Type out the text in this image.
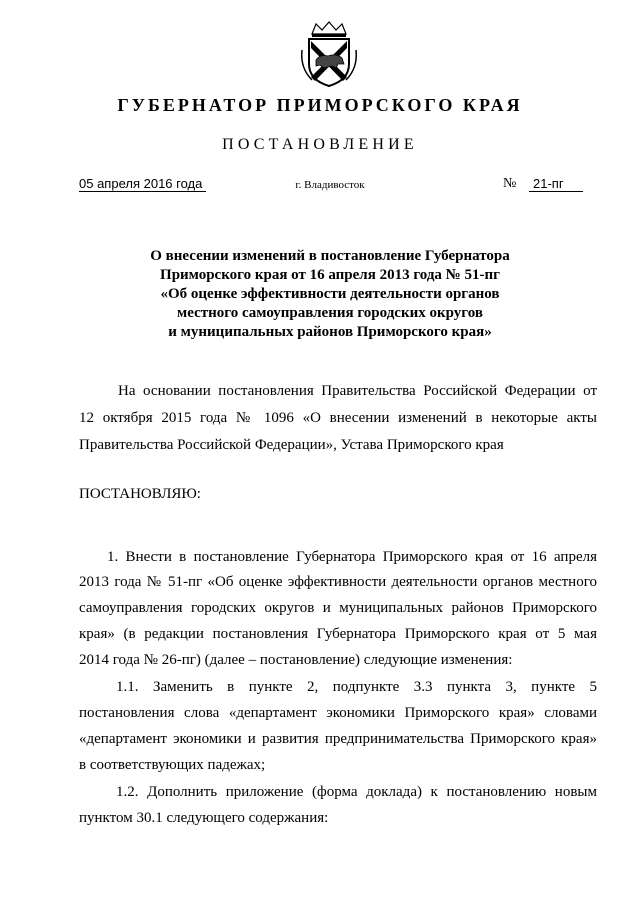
ГУБЕРНАТОР ПРИМОРСКОГО КРАЯ
ПОСТАНОВЛЕНИЕ
05 апреля 2016 года	г. Владивосток	№	21-пг
О внесении изменений в постановление Губернатора
Приморского края от 16 апреля 2013 года № 51-пг
«Об оценке эффективности деятельности органов
местного самоуправления городских округов
и муниципальных районов Приморского края»
На основании постановления Правительства Российской Федерации от
12 октября 2015 года № 1096 «О внесении изменений в некоторые акты
Правительства Российской Федерации», Устава Приморского края
ПОСТАНОВЛЯЮ:
1. Внести в постановление Губернатора Приморского края от 16 апреля
2013 года № 51-пг «Об оценке эффективности деятельности органов местного
самоуправления городских округов и муниципальных районов Приморского
края» (в редакции постановления Губернатора Приморского края от 5 мая
2014 года № 26-пг) (далее – постановление) следующие изменения:
1.1. Заменить в пункте 2, подпункте 3.3 пункта 3, пункте 5
постановления слова «департамент экономики Приморского края» словами
«департамент экономики и развития предпринимательства Приморского края»
в соответствующих падежах;
1.2. Дополнить приложение (форма доклада) к постановлению новым
пунктом 30.1 следующего содержания:
